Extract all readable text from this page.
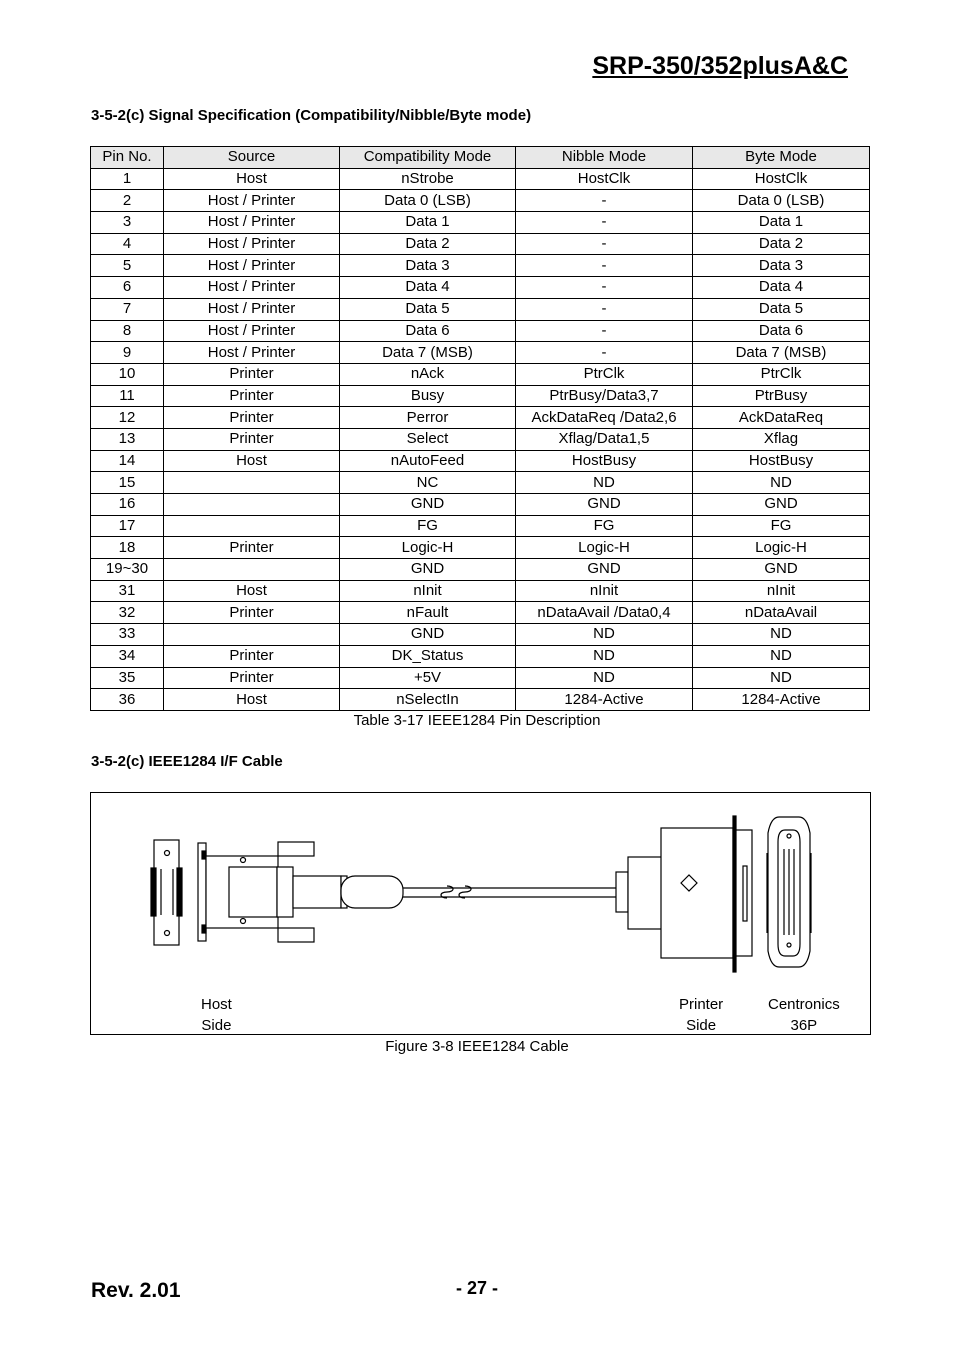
SRP-350/352plusA&C
3-5-2(c) Signal Specification (Compatibility/Nibble/Byte mode)
Pin No.	Source	Compatibility Mode	Nibble Mode	Byte Mode
1	Host	nStrobe	HostClk	HostClk
2	Host / Printer	Data 0 (LSB)	-	Data 0 (LSB)
3	Host / Printer	Data 1	-	Data 1
4	Host / Printer	Data 2	-	Data 2
5	Host / Printer	Data 3	-	Data 3
6	Host / Printer	Data 4	-	Data 4
7	Host / Printer	Data 5	-	Data 5
8	Host / Printer	Data 6	-	Data 6
9	Host / Printer	Data 7 (MSB)	-	Data 7 (MSB)
10	Printer	nAck	PtrClk	PtrClk
11	Printer	Busy	PtrBusy/Data3,7	PtrBusy
12	Printer	Perror	AckDataReq /Data2,6	AckDataReq
13	Printer	Select	Xflag/Data1,5	Xflag
14	Host	nAutoFeed	HostBusy	HostBusy
15		NC	ND	ND
16		GND	GND	GND
17		FG	FG	FG
18	Printer	Logic-H	Logic-H	Logic-H
19~30		GND	GND	GND
31	Host	nInit	nInit	nInit
32	Printer	nFault	nDataAvail /Data0,4	nDataAvail
33		GND	ND	ND
34	Printer	DK_Status	ND	ND
35	Printer	+5V	ND	ND
36	Host	nSelectIn	1284-Active	1284-Active
Table 3-17 IEEE1284 Pin Description
3-5-2(c) IEEE1284 I/F Cable
Host
Side
Printer
Side
Centronics
36P
Figure 3-8 IEEE1284 Cable
Rev. 2.01	- 27 -
